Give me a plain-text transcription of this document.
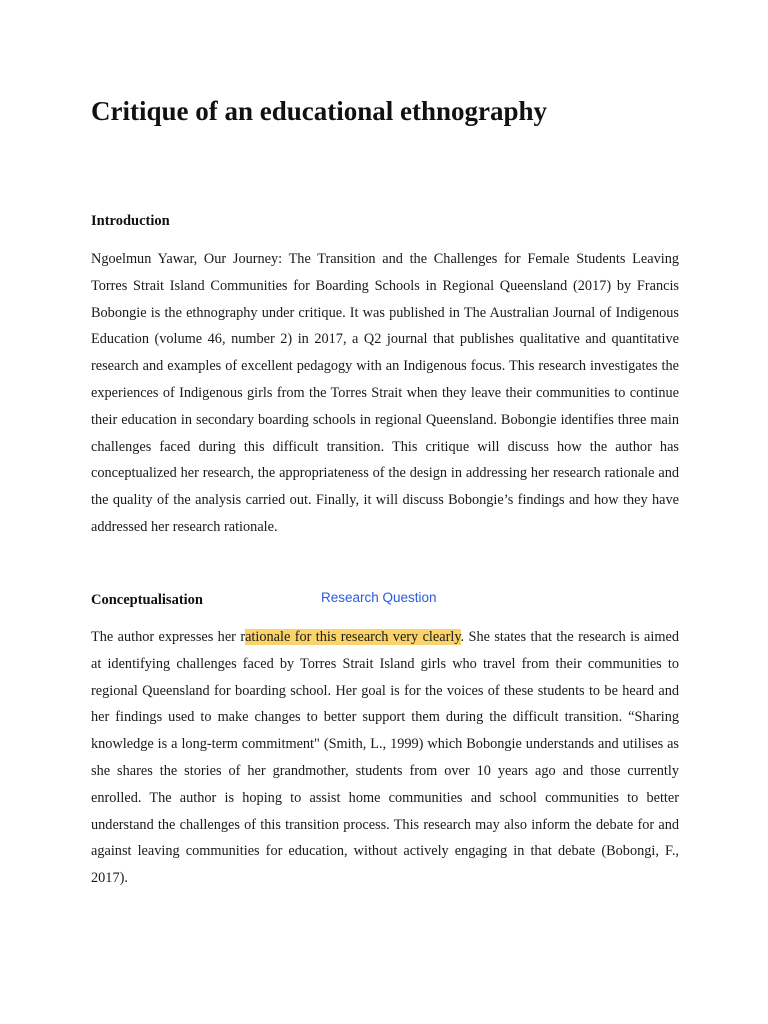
Critique of an educational ethnography
Introduction

Ngoelmun Yawar, Our Journey: The Transition and the Challenges for Female Students Leaving Torres Strait Island Communities for Boarding Schools in Regional Queensland (2017) by Francis Bobongie is the ethnography under critique. It was published in The Australian Journal of Indigenous Education (volume 46, number 2) in 2017, a Q2 journal that publishes qualitative and quantitative research and examples of excellent pedagogy with an Indigenous focus. This research investigates the experiences of Indigenous girls from the Torres Strait when they leave their communities to continue their education in secondary boarding schools in regional Queensland. Bobongie identifies three main challenges faced during this difficult transition. This critique will discuss how the author has conceptualized her research, the appropriateness of the design in addressing her research rationale and the quality of the analysis carried out. Finally, it will discuss Bobongie’s findings and how they have addressed her research rationale.

Conceptualisation	Research Question

The author expresses her rationale for this research very clearly. She states that the research is aimed at identifying challenges faced by Torres Strait Island girls who travel from their communities to regional Queensland for boarding school. Her goal is for the voices of these students to be heard and her findings used to make changes to better support them during the difficult transition. “Sharing knowledge is a long-term commitment" (Smith, L., 1999) which Bobongie understands and utilises as she shares the stories of her grandmother, students from over 10 years ago and those currently enrolled. The author is hoping to assist home communities and school communities to better understand the challenges of this transition process. This research may also inform the debate for and against leaving communities for education, without actively engaging in that debate (Bobongi, F., 2017).
